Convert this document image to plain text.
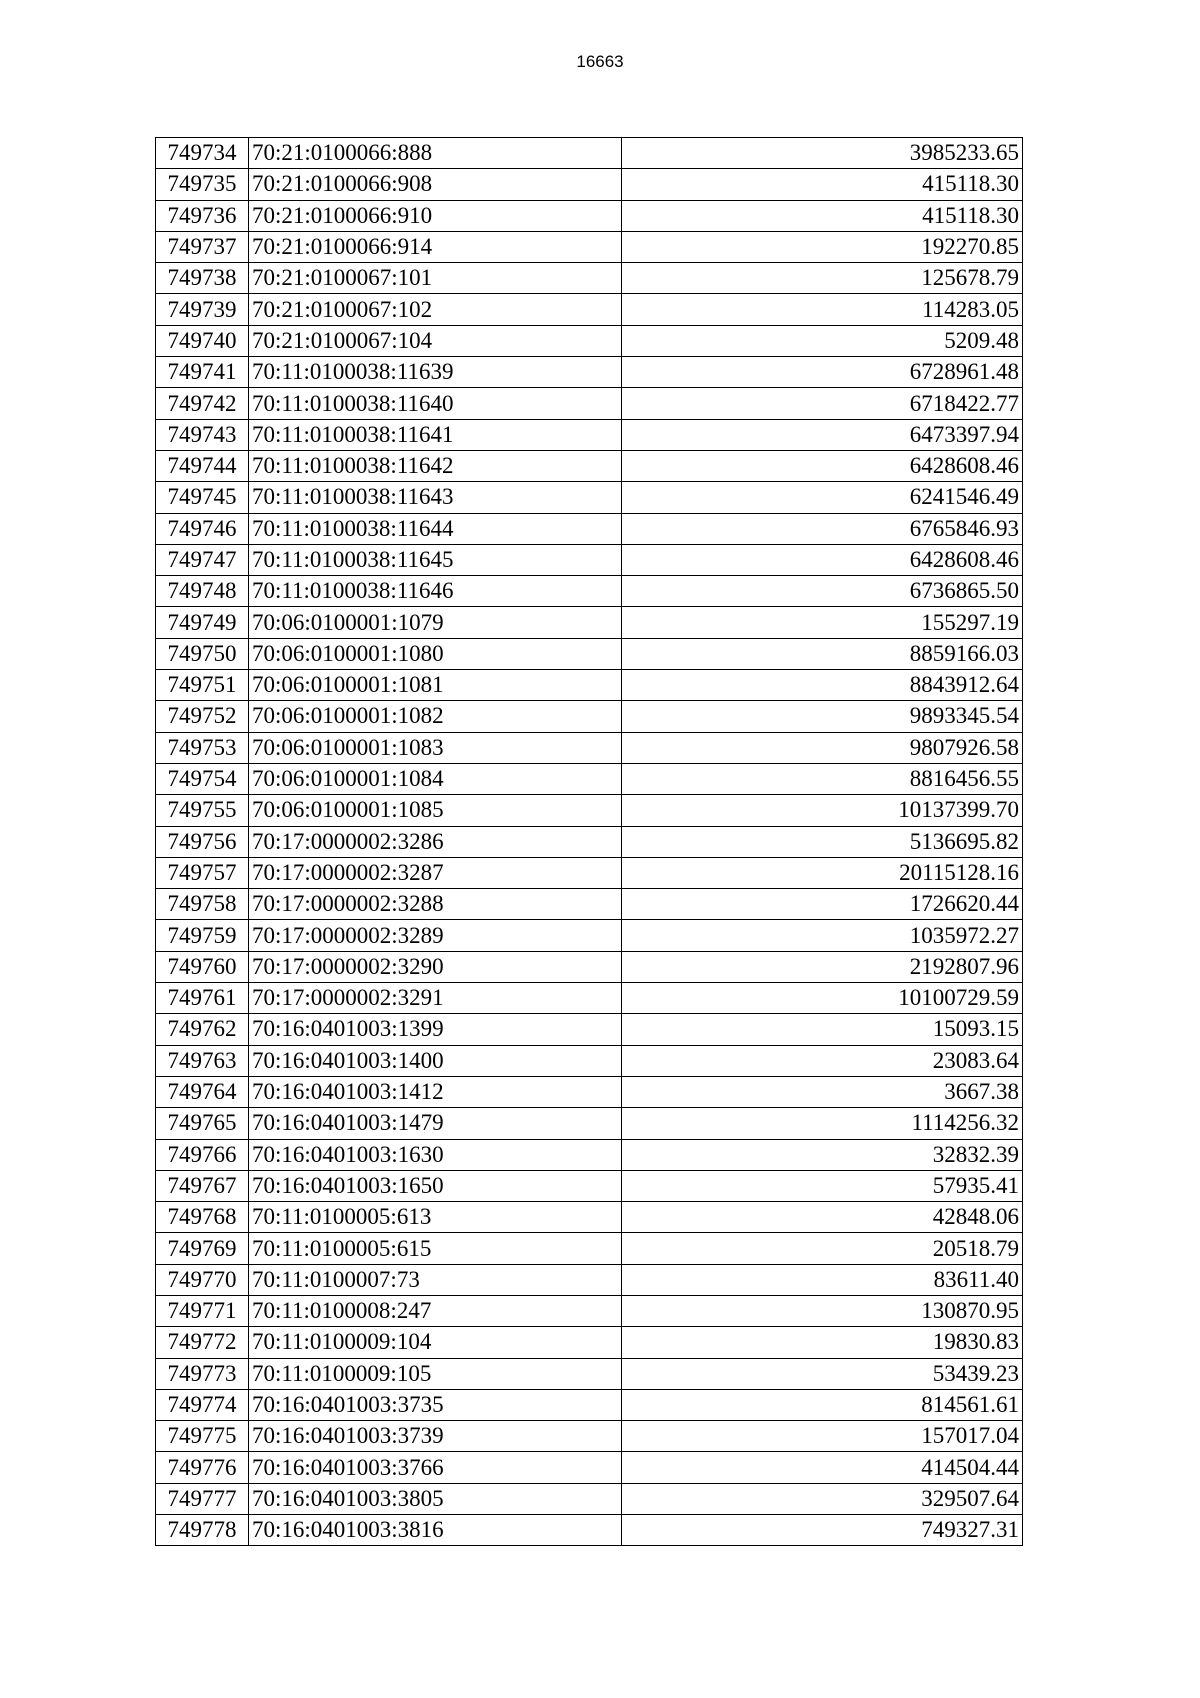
16663
749734	70:21:0100066:888	3985233.65
749735	70:21:0100066:908	415118.30
749736	70:21:0100066:910	415118.30
749737	70:21:0100066:914	192270.85
749738	70:21:0100067:101	125678.79
749739	70:21:0100067:102	114283.05
749740	70:21:0100067:104	5209.48
749741	70:11:0100038:11639	6728961.48
749742	70:11:0100038:11640	6718422.77
749743	70:11:0100038:11641	6473397.94
749744	70:11:0100038:11642	6428608.46
749745	70:11:0100038:11643	6241546.49
749746	70:11:0100038:11644	6765846.93
749747	70:11:0100038:11645	6428608.46
749748	70:11:0100038:11646	6736865.50
749749	70:06:0100001:1079	155297.19
749750	70:06:0100001:1080	8859166.03
749751	70:06:0100001:1081	8843912.64
749752	70:06:0100001:1082	9893345.54
749753	70:06:0100001:1083	9807926.58
749754	70:06:0100001:1084	8816456.55
749755	70:06:0100001:1085	10137399.70
749756	70:17:0000002:3286	5136695.82
749757	70:17:0000002:3287	20115128.16
749758	70:17:0000002:3288	1726620.44
749759	70:17:0000002:3289	1035972.27
749760	70:17:0000002:3290	2192807.96
749761	70:17:0000002:3291	10100729.59
749762	70:16:0401003:1399	15093.15
749763	70:16:0401003:1400	23083.64
749764	70:16:0401003:1412	3667.38
749765	70:16:0401003:1479	1114256.32
749766	70:16:0401003:1630	32832.39
749767	70:16:0401003:1650	57935.41
749768	70:11:0100005:613	42848.06
749769	70:11:0100005:615	20518.79
749770	70:11:0100007:73	83611.40
749771	70:11:0100008:247	130870.95
749772	70:11:0100009:104	19830.83
749773	70:11:0100009:105	53439.23
749774	70:16:0401003:3735	814561.61
749775	70:16:0401003:3739	157017.04
749776	70:16:0401003:3766	414504.44
749777	70:16:0401003:3805	329507.64
749778	70:16:0401003:3816	749327.31
